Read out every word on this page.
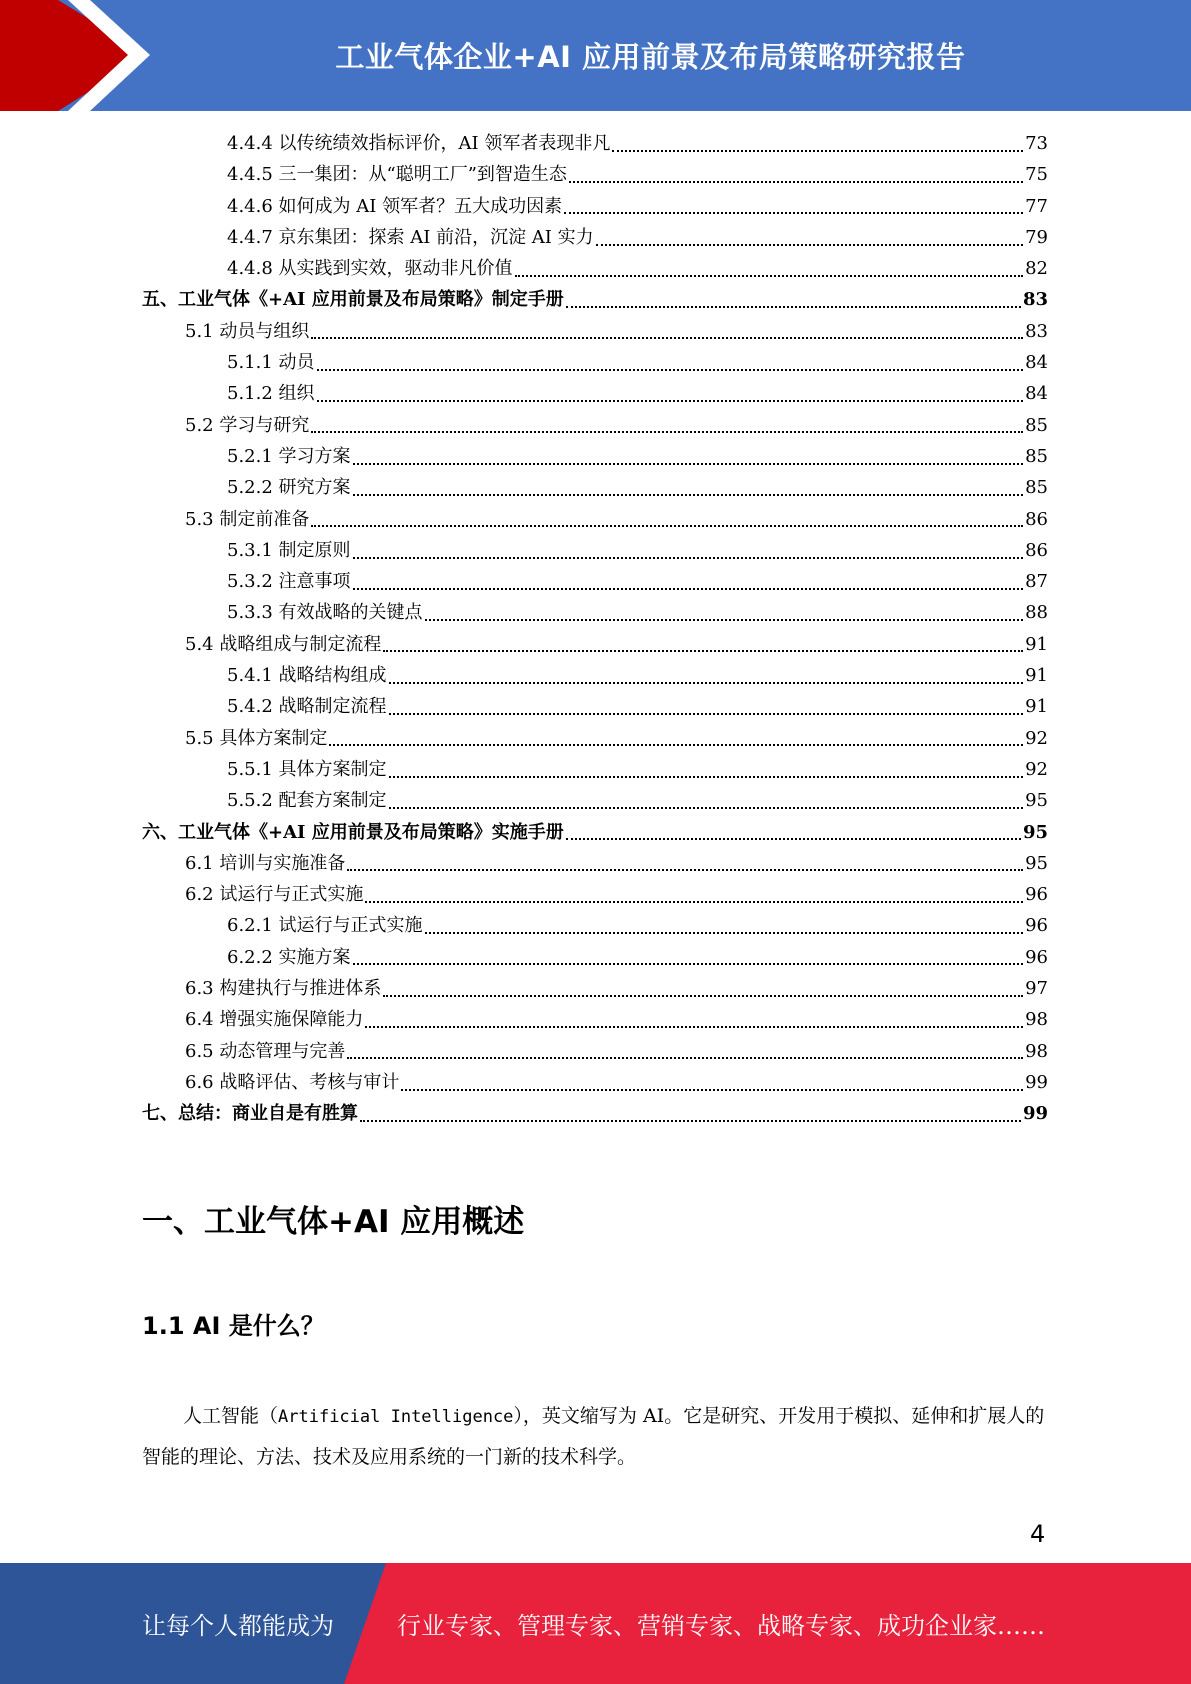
工业气体企业+AI 应用前景及布局策略研究报告
4.4.4 以传统绩效指标评价，AI 领军者表现非凡	73
4.4.5 三一集团：从“聪明工厂”到智造生态	75
4.4.6 如何成为 AI 领军者？五大成功因素	77
4.4.7 京东集团：探索 AI 前沿，沉淀 AI 实力	79
4.4.8 从实践到实效，驱动非凡价值	82
五、工业气体《+AI 应用前景及布局策略》制定手册	83
5.1 动员与组织	83
5.1.1 动员	84
5.1.2 组织	84
5.2 学习与研究	85
5.2.1 学习方案	85
5.2.2 研究方案	85
5.3 制定前准备	86
5.3.1 制定原则	86
5.3.2 注意事项	87
5.3.3 有效战略的关键点	88
5.4 战略组成与制定流程	91
5.4.1 战略结构组成	91
5.4.2 战略制定流程	91
5.5 具体方案制定	92
5.5.1 具体方案制定	92
5.5.2 配套方案制定	95
六、工业气体《+AI 应用前景及布局策略》实施手册	95
6.1 培训与实施准备	95
6.2 试运行与正式实施	96
6.2.1 试运行与正式实施	96
6.2.2 实施方案	96
6.3 构建执行与推进体系	97
6.4 增强实施保障能力	98
6.5 动态管理与完善	98
6.6 战略评估、考核与审计	99
七、总结：商业自是有胜算	99
一、工业气体+AI 应用概述
1.1 AI 是什么？
人工智能（Artificial Intelligence），英文缩写为 AI。它是研究、开发用于模拟、延伸和扩展人的智能的理论、方法、技术及应用系统的一门新的技术科学。
4
让每个人都能成为	行业专家、管理专家、营销专家、战略专家、成功企业家……
